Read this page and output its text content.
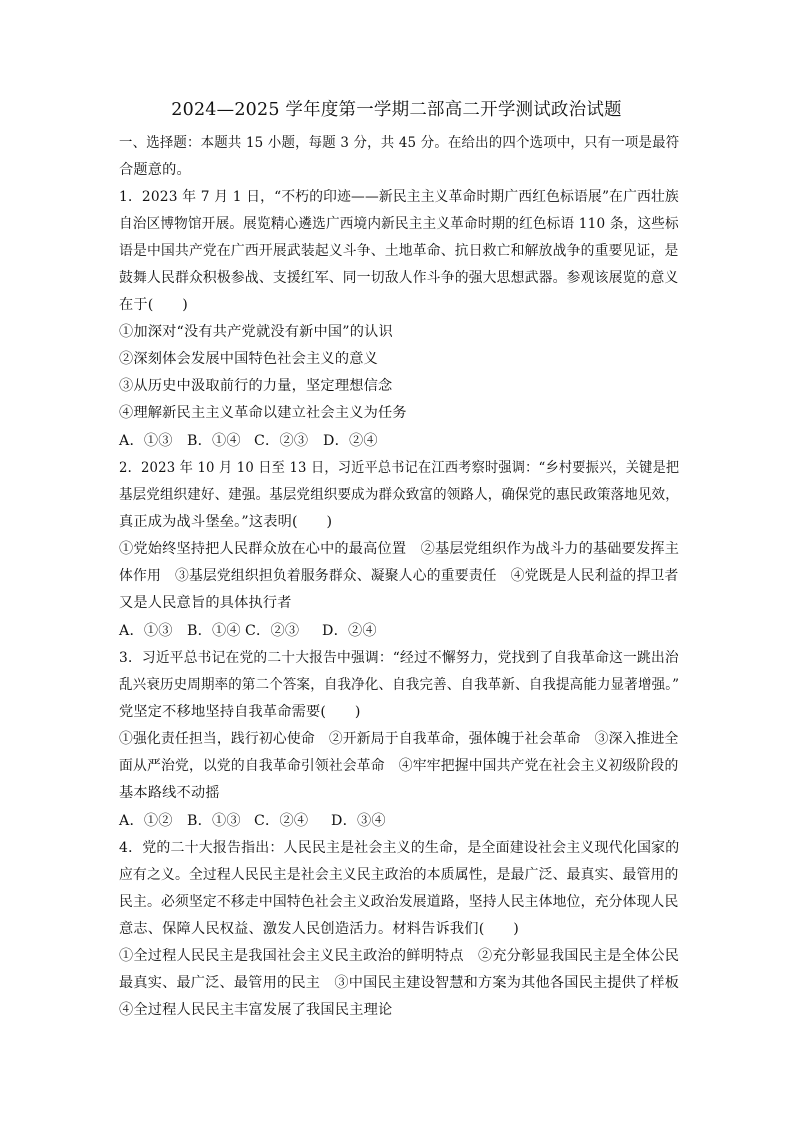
2024—2025 学年度第一学期二部高二开学测试政治试题
一、选择题：本题共 15 小题，每题 3 分，共 45 分。在给出的四个选项中，只有一项是最符
合题意的。
1．2023 年 7 月 1 日，“不朽的印迹——新民主主义革命时期广西红色标语展”在广西壮族
自治区博物馆开展。展览精心遴选广西境内新民主主义革命时期的红色标语 110 条，这些标
语是中国共产党在广西开展武装起义斗争、土地革命、抗日救亡和解放战争的重要见证，是
鼓舞人民群众积极参战、支援红军、同一切敌人作斗争的强大思想武器。参观该展览的意义
在于(　　)
①加深对“没有共产党就没有新中国”的认识
②深刻体会发展中国特色社会主义的意义
③从历史中汲取前行的力量，坚定理想信念
④理解新民主主义革命以建立社会主义为任务
A．①③ B．①④ C．②③ D．②④
2．2023 年 10 月 10 日至 13 日，习近平总书记在江西考察时强调：“乡村要振兴，关键是把
基层党组织建好、建强。基层党组织要成为群众致富的领路人，确保党的惠民政策落地见效，
真正成为战斗堡垒。”这表明(　　)
①党始终坚持把人民群众放在心中的最高位置　②基层党组织作为战斗力的基础要发挥主
体作用　③基层党组织担负着服务群众、凝聚人心的重要责任　④党既是人民利益的捍卫者
又是人民意旨的具体执行者
A．①③ B．①④ C．②③ D．②④
3．习近平总书记在党的二十大报告中强调：“经过不懈努力，党找到了自我革命这一跳出治
乱兴衰历史周期率的第二个答案，自我净化、自我完善、自我革新、自我提高能力显著增强。”
党坚定不移地坚持自我革命需要(　　)
①强化责任担当，践行初心使命　②开新局于自我革命，强体魄于社会革命　③深入推进全
面从严治党，以党的自我革命引领社会革命　④牢牢把握中国共产党在社会主义初级阶段的
基本路线不动摇
A．①② B．①③ C．②④ D．③④
4．党的二十大报告指出：人民民主是社会主义的生命，是全面建设社会主义现代化国家的
应有之义。全过程人民民主是社会主义民主政治的本质属性，是最广泛、最真实、最管用的
民主。必须坚定不移走中国特色社会主义政治发展道路，坚持人民主体地位，充分体现人民
意志、保障人民权益、激发人民创造活力。材料告诉我们(　　)
①全过程人民民主是我国社会主义民主政治的鲜明特点　②充分彰显我国民主是全体公民
最真实、最广泛、最管用的民主　③中国民主建设智慧和方案为其他各国民主提供了样板
④全过程人民民主丰富发展了我国民主理论
